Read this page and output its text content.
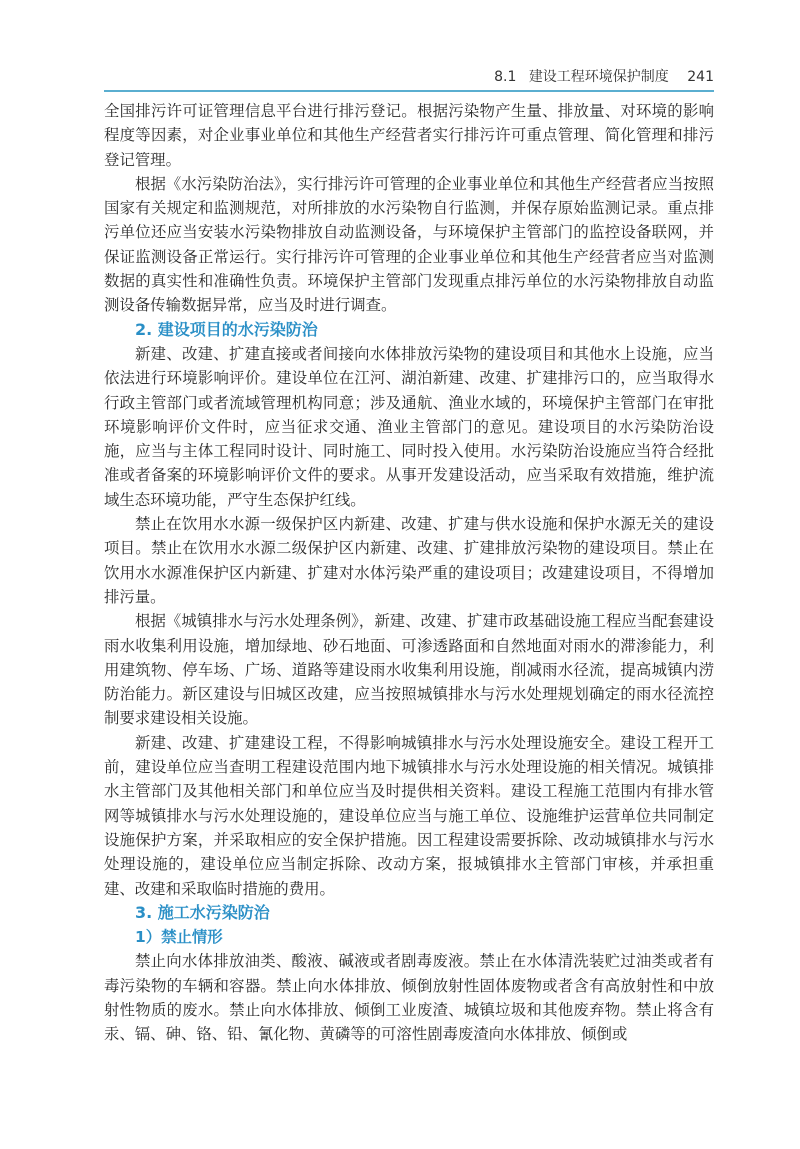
8.1 建设工程环境保护制度 241

全国排污许可证管理信息平台进行排污登记。根据污染物产生量、排放量、对环境的影响程度等因素，对企业事业单位和其他生产经营者实行排污许可重点管理、简化管理和排污登记管理。

根据《水污染防治法》，实行排污许可管理的企业事业单位和其他生产经营者应当按照国家有关规定和监测规范，对所排放的水污染物自行监测，并保存原始监测记录。重点排污单位还应当安装水污染物排放自动监测设备，与环境保护主管部门的监控设备联网，并保证监测设备正常运行。实行排污许可管理的企业事业单位和其他生产经营者应当对监测数据的真实性和准确性负责。环境保护主管部门发现重点排污单位的水污染物排放自动监测设备传输数据异常，应当及时进行调查。

2. 建设项目的水污染防治

新建、改建、扩建直接或者间接向水体排放污染物的建设项目和其他水上设施，应当依法进行环境影响评价。建设单位在江河、湖泊新建、改建、扩建排污口的，应当取得水行政主管部门或者流域管理机构同意；涉及通航、渔业水域的，环境保护主管部门在审批环境影响评价文件时，应当征求交通、渔业主管部门的意见。建设项目的水污染防治设施，应当与主体工程同时设计、同时施工、同时投入使用。水污染防治设施应当符合经批准或者备案的环境影响评价文件的要求。从事开发建设活动，应当采取有效措施，维护流域生态环境功能，严守生态保护红线。

禁止在饮用水水源一级保护区内新建、改建、扩建与供水设施和保护水源无关的建设项目。禁止在饮用水水源二级保护区内新建、改建、扩建排放污染物的建设项目。禁止在饮用水水源准保护区内新建、扩建对水体污染严重的建设项目；改建建设项目，不得增加排污量。

根据《城镇排水与污水处理条例》，新建、改建、扩建市政基础设施工程应当配套建设雨水收集利用设施，增加绿地、砂石地面、可渗透路面和自然地面对雨水的滞渗能力，利用建筑物、停车场、广场、道路等建设雨水收集利用设施，削减雨水径流，提高城镇内涝防治能力。新区建设与旧城区改建，应当按照城镇排水与污水处理规划确定的雨水径流控制要求建设相关设施。

新建、改建、扩建建设工程，不得影响城镇排水与污水处理设施安全。建设工程开工前，建设单位应当查明工程建设范围内地下城镇排水与污水处理设施的相关情况。城镇排水主管部门及其他相关部门和单位应当及时提供相关资料。建设工程施工范围内有排水管网等城镇排水与污水处理设施的，建设单位应当与施工单位、设施维护运营单位共同制定设施保护方案，并采取相应的安全保护措施。因工程建设需要拆除、改动城镇排水与污水处理设施的，建设单位应当制定拆除、改动方案，报城镇排水主管部门审核，并承担重建、改建和采取临时措施的费用。

3. 施工水污染防治
1）禁止情形

禁止向水体排放油类、酸液、碱液或者剧毒废液。禁止在水体清洗装贮过油类或者有毒污染物的车辆和容器。禁止向水体排放、倾倒放射性固体废物或者含有高放射性和中放射性物质的废水。禁止向水体排放、倾倒工业废渣、城镇垃圾和其他废弃物。禁止将含有汞、镉、砷、铬、铅、氰化物、黄磷等的可溶性剧毒废渣向水体排放、倾倒或
